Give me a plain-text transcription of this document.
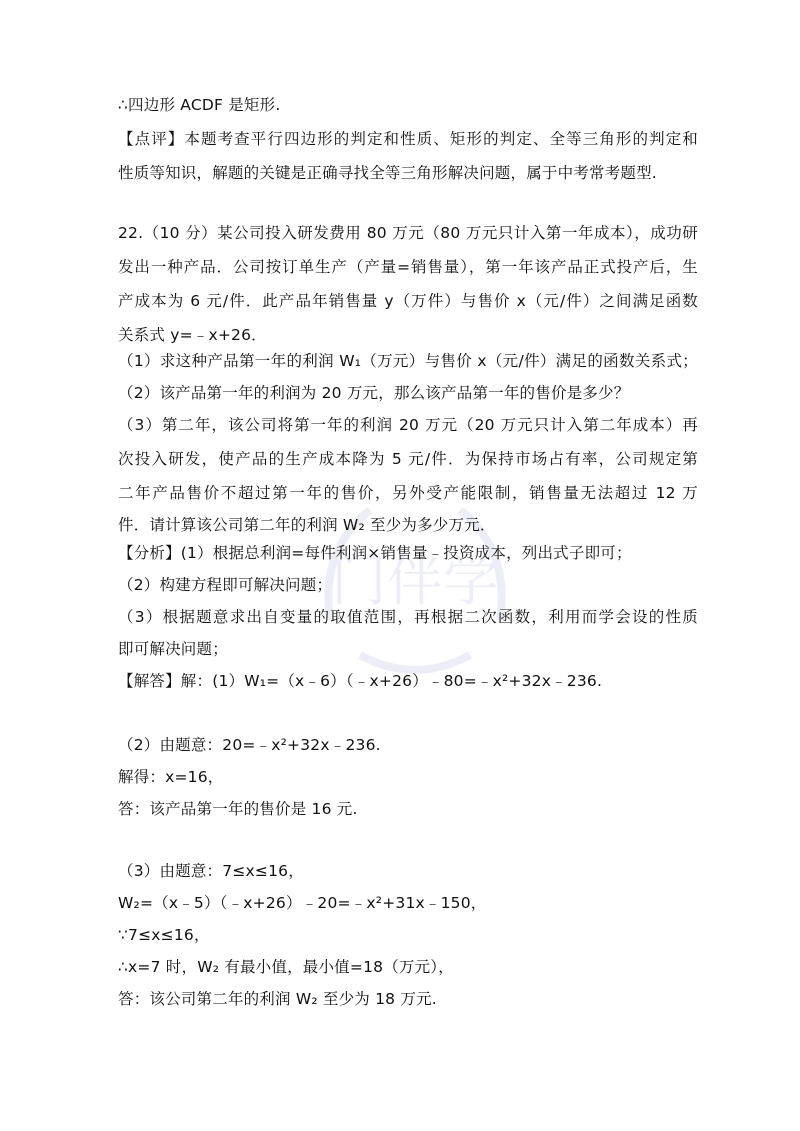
门伴学
∴四边形 ACDF 是矩形.
【点评】本题考查平行四边形的判定和性质、矩形的判定、全等三角形的判定和
性质等知识，解题的关键是正确寻找全等三角形解决问题，属于中考常考题型.
22.（10 分）某公司投入研发费用 80 万元（80 万元只计入第一年成本），成功研
发出一种产品．公司按订单生产（产量=销售量），第一年该产品正式投产后，生
产成本为 6 元/件．此产品年销售量 y（万件）与售价 x（元/件）之间满足函数
关系式 y=﹣x+26．
（1）求这种产品第一年的利润 W₁（万元）与售价 x（元/件）满足的函数关系式；
（2）该产品第一年的利润为 20 万元，那么该产品第一年的售价是多少？
（3）第二年，该公司将第一年的利润 20 万元（20 万元只计入第二年成本）再
次投入研发，使产品的生产成本降为 5 元/件．为保持市场占有率，公司规定第
二年产品售价不超过第一年的售价，另外受产能限制，销售量无法超过 12 万
件．请计算该公司第二年的利润 W₂ 至少为多少万元．
【分析】(1）根据总利润=每件利润×销售量﹣投资成本，列出式子即可；
（2）构建方程即可解决问题；
（3）根据题意求出自变量的取值范围，再根据二次函数，利用而学会设的性质
即可解决问题；
【解答】解：(1）W₁=（x﹣6）（﹣x+26）﹣80=﹣x²+32x﹣236.
（2）由题意：20=﹣x²+32x﹣236.
解得：x=16，
答：该产品第一年的售价是 16 元.
（3）由题意：7≤x≤16，
W₂=（x﹣5）（﹣x+26）﹣20=﹣x²+31x﹣150，
∵7≤x≤16，
∴x=7 时，W₂ 有最小值，最小值=18（万元），
答：该公司第二年的利润 W₂ 至少为 18 万元.
